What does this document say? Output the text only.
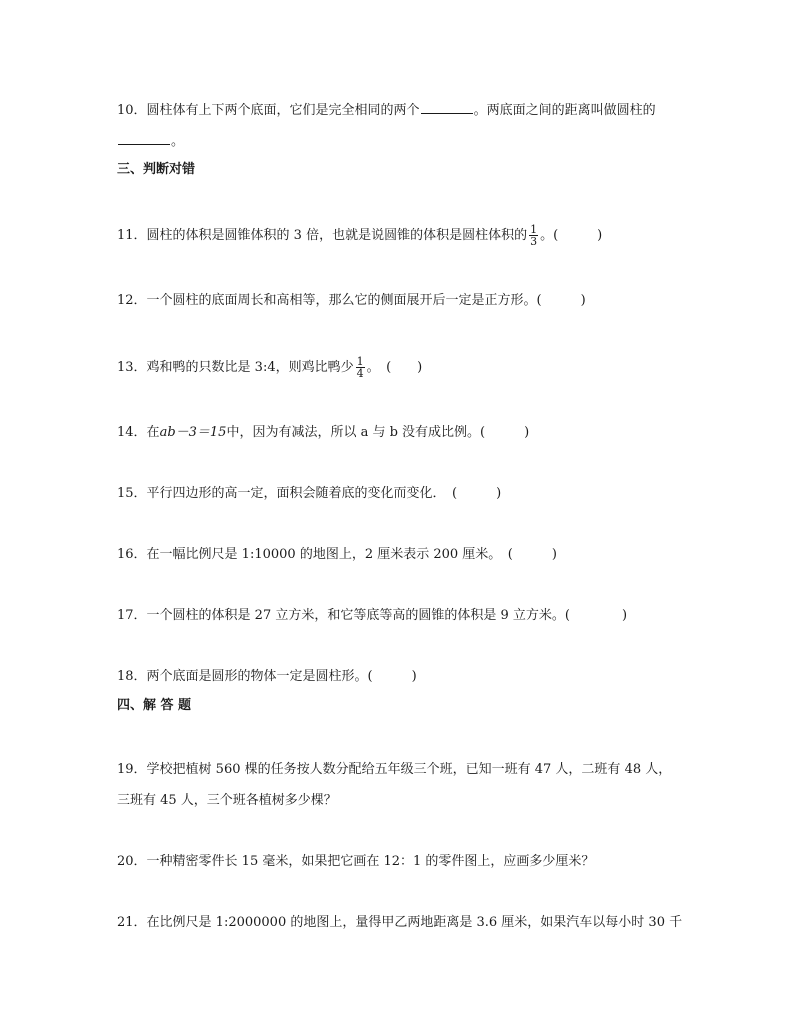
10．圆柱体有上下两个底面，它们是完全相同的两个	。两底面之间的距离叫做圆柱的
。
三、判断对错
11．圆柱的体积是圆锥体积的 3 倍，也就是说圆锥的体积是圆柱体积的 $\frac{1}{3}$ 。(　　　)
12．一个圆柱的底面周长和高相等，那么它的侧面展开后一定是正方形。(　　　)
13．鸡和鸭的只数比是 3:4，则鸡比鸭少 $\frac{1}{4}$ 。　(　　)
14．在ab－3＝15中，因为有减法，所以 a 与 b 没有成比例。(　　　)
15．平行四边形的高一定，面积会随着底的变化而变化．　(　　　)
16．在一幅比例尺是 1:10000 的地图上，2 厘米表示 200 厘米。　(　　　)
17．一个圆柱的体积是 27 立方米，和它等底等高的圆锥的体积是 9 立方米。(　　　　)
18．两个底面是圆形的物体一定是圆柱形。(　　　)
四、解 答 题
19．学校把植树 560 棵的任务按人数分配给五年级三个班，已知一班有 47 人，二班有 48 人，
三班有 45 人，三个班各植树多少棵？
20．一种精密零件长 15 毫米，如果把它画在 12：1 的零件图上，应画多少厘米？
21．在比例尺是 1:2000000 的地图上，量得甲乙两地距离是 3.6 厘米，如果汽车以每小时 30 千
